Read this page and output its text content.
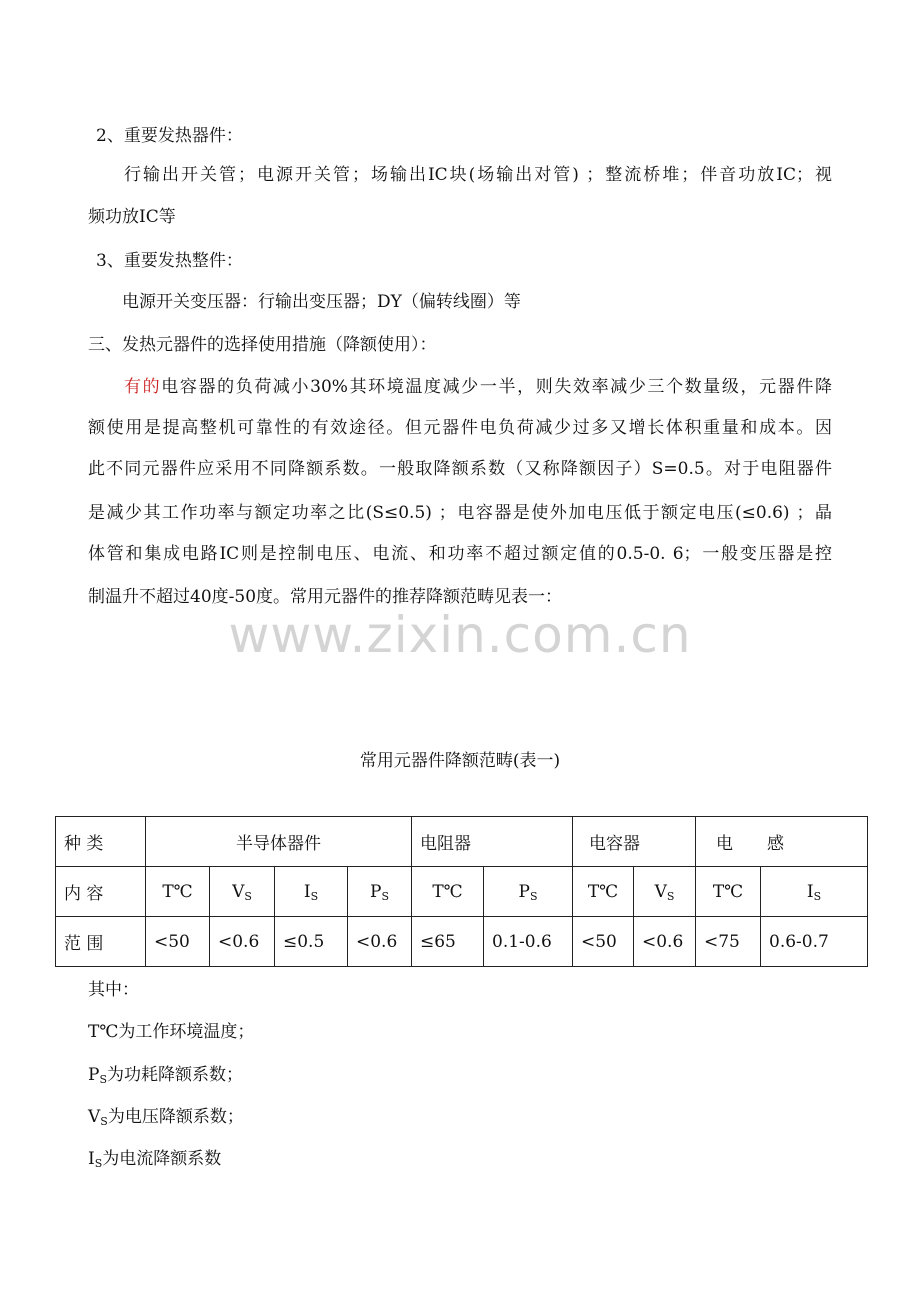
2、重要发热器件：
行输出开关管；电源开关管；场输出IC块(场输出对管) ；整流桥堆；伴音功放IC；视
频功放IC等
3、重要发热整件：
电源开关变压器：行输出变压器；DY（偏转线圈）等
三、发热元器件的选择使用措施（降额使用）：
有的电容器的负荷减小30%其环境温度减少一半，则失效率减少三个数量级，元器件降
额使用是提高整机可靠性的有效途径。但元器件电负荷减少过多又增长体积重量和成本。因
此不同元器件应采用不同降额系数。一般取降额系数（又称降额因子）S=0.5。对于电阻器件
是减少其工作功率与额定功率之比(S≤0.5) ；电容器是使外加电压低于额定电压(≤0.6) ；晶
体管和集成电路IC则是控制电压、电流、和功率不超过额定值的0.5-0. 6；一般变压器是控
制温升不超过40度-50度。常用元器件的推荐降额范畴见表一：
www.zixin.com.cn
常用元器件降额范畴(表一)
种 类	半导体器件				电阻器		电容器		电　　感	
内 容	T℃	$V_S$	$I_S$	$P_S$	T℃	$P_S$	T℃	$V_S$	T℃	$I_S$
范 围	<50	<0.6	≤0.5	<0.6	≤65	0.1-0.6	<50	<0.6	<75	0.6-0.7
其中：
T℃为工作环境温度；
$P_S$为功耗降额系数；
$V_S$为电压降额系数；
$I_S$为电流降额系数
